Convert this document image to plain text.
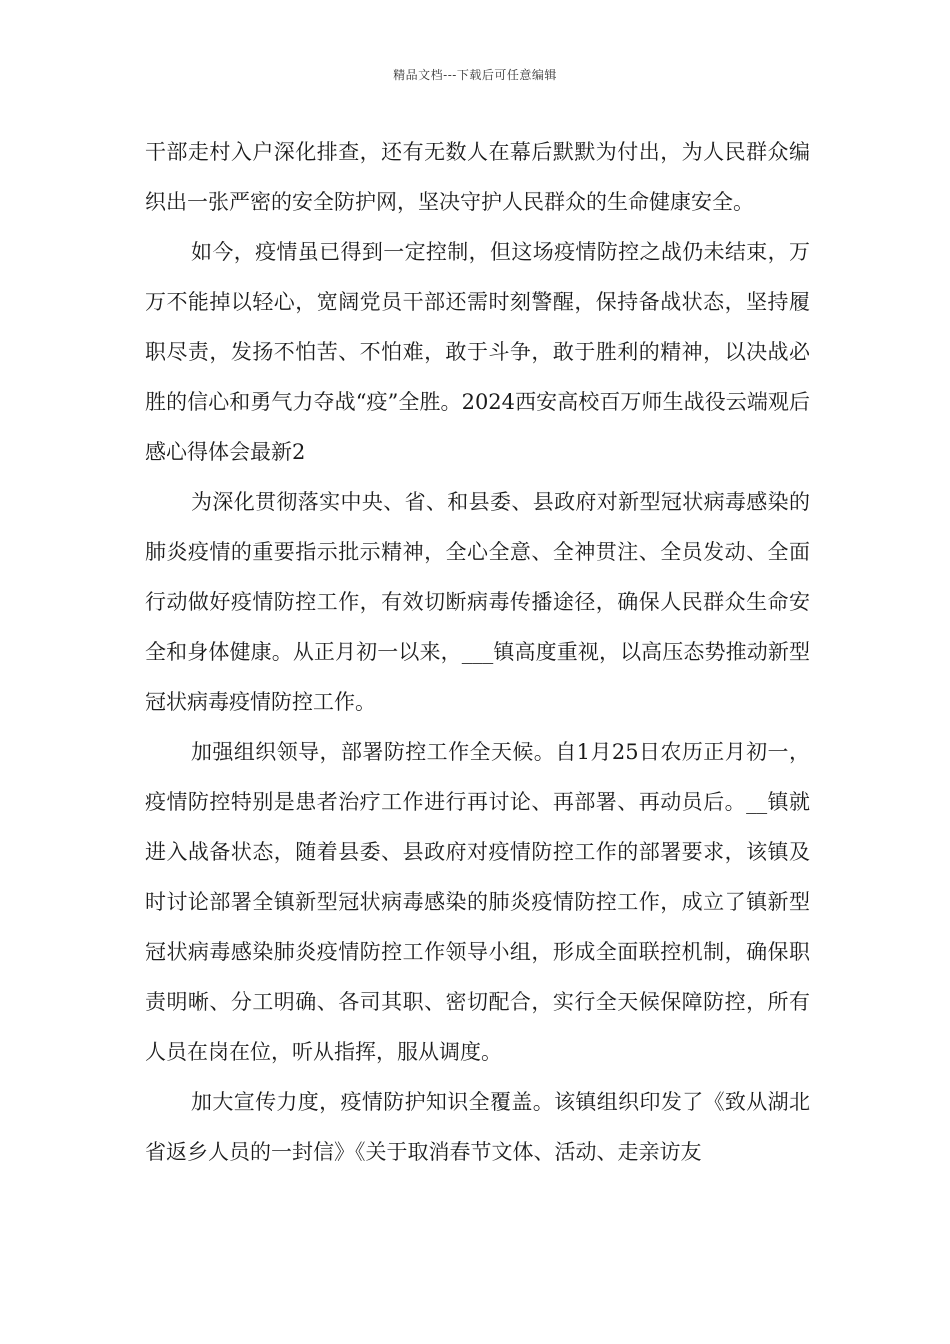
精品文档---下载后可任意编辑

干部走村入户深化排查，还有无数人在幕后默默为付出，为人民群众编织出一张严密的安全防护网，坚决守护人民群众的生命健康安全。

如今，疫情虽已得到一定控制，但这场疫情防控之战仍未结束，万万不能掉以轻心，宽阔党员干部还需时刻警醒，保持备战状态，坚持履职尽责，发扬不怕苦、不怕难，敢于斗争，敢于胜利的精神，以决战必胜的信心和勇气力夺战“疫”全胜。2024西安高校百万师生战役云端观后感心得体会最新2

为深化贯彻落实中央、省、和县委、县政府对新型冠状病毒感染的肺炎疫情的重要指示批示精神，全心全意、全神贯注、全员发动、全面行动做好疫情防控工作，有效切断病毒传播途径，确保人民群众生命安全和身体健康。从正月初一以来，___镇高度重视，以高压态势推动新型冠状病毒疫情防控工作。

加强组织领导，部署防控工作全天候。自1月25日农历正月初一，疫情防控特别是患者治疗工作进行再讨论、再部署、再动员后。__镇就进入战备状态，随着县委、县政府对疫情防控工作的部署要求，该镇及时讨论部署全镇新型冠状病毒感染的肺炎疫情防控工作，成立了镇新型冠状病毒感染肺炎疫情防控工作领导小组，形成全面联控机制，确保职责明晰、分工明确、各司其职、密切配合，实行全天候保障防控，所有人员在岗在位，听从指挥，服从调度。

加大宣传力度，疫情防护知识全覆盖。该镇组织印发了《致从湖北省返乡人员的一封信》《关于取消春节文体、活动、走亲访友
